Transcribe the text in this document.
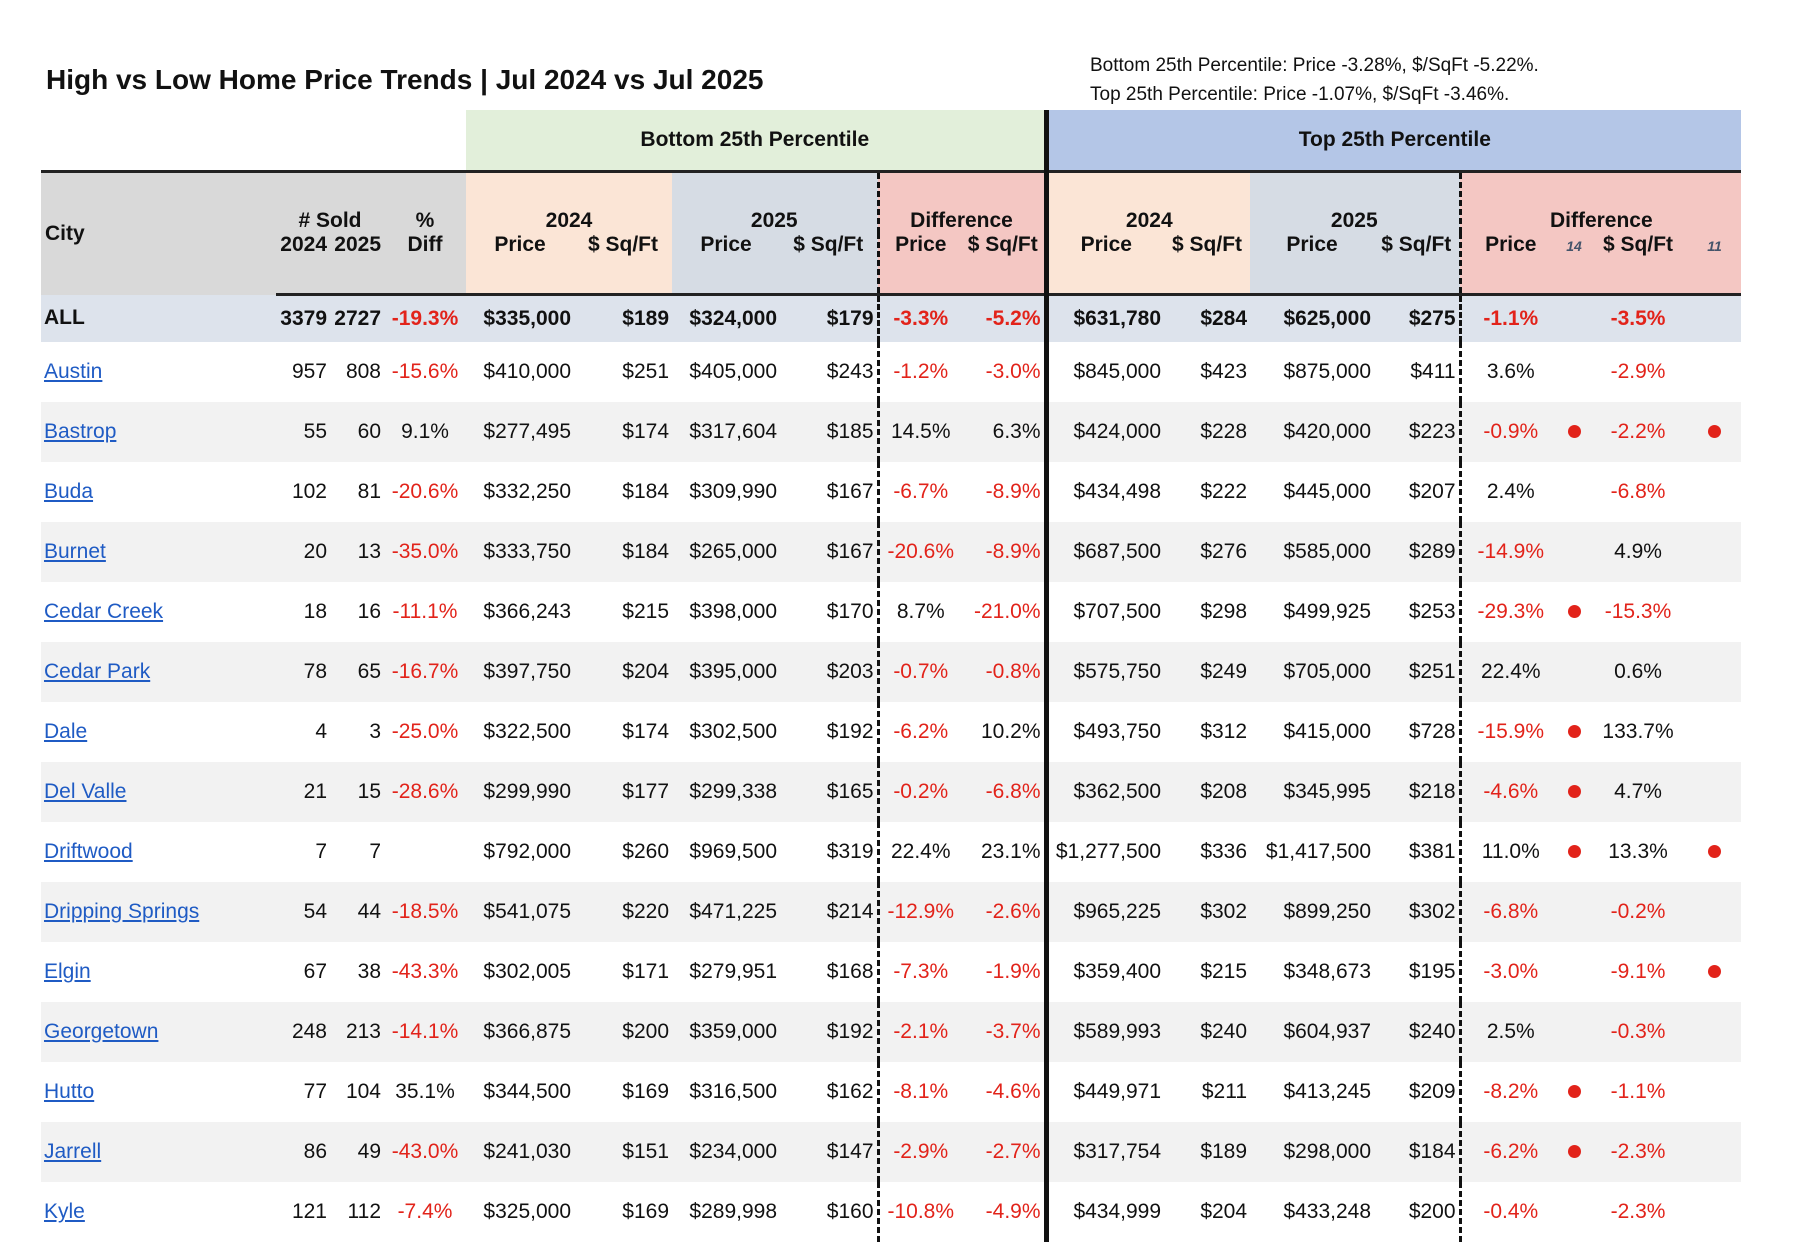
High vs Low Home Price Trends | Jul 2024 vs Jul 2025	Bottom 25th Percentile: Price -3.28%, $/SqFt -5.22%.
Top 25th Percentile: Price -1.07%, $/SqFt -3.46%.
				Bottom 25th Percentile						Top 25th Percentile							
City	# Sold		%	2024		2025		Difference		2024		2025		Difference			
	2024	2025	Diff	Price	$ Sq/Ft	Price	$ Sq/Ft	Price	$ Sq/Ft	Price	$ Sq/Ft	Price	$ Sq/Ft	Price	14	$ Sq/Ft	11
ALL	3379	2727	-19.3%	$335,000	$189	$324,000	$179	-3.3%	-5.2%	$631,780	$284	$625,000	$275	-1.1%		-3.5%	
Austin	957	808	-15.6%	$410,000	$251	$405,000	$243	-1.2%	-3.0%	$845,000	$423	$875,000	$411	3.6%		-2.9%	
Bastrop	55	60	9.1%	$277,495	$174	$317,604	$185	14.5%	6.3%	$424,000	$228	$420,000	$223	-0.9%		-2.2%	
Buda	102	81	-20.6%	$332,250	$184	$309,990	$167	-6.7%	-8.9%	$434,498	$222	$445,000	$207	2.4%		-6.8%	
Burnet	20	13	-35.0%	$333,750	$184	$265,000	$167	-20.6%	-8.9%	$687,500	$276	$585,000	$289	-14.9%		4.9%	
Cedar Creek	18	16	-11.1%	$366,243	$215	$398,000	$170	8.7%	-21.0%	$707,500	$298	$499,925	$253	-29.3%		-15.3%	
Cedar Park	78	65	-16.7%	$397,750	$204	$395,000	$203	-0.7%	-0.8%	$575,750	$249	$705,000	$251	22.4%		0.6%	
Dale	4	3	-25.0%	$322,500	$174	$302,500	$192	-6.2%	10.2%	$493,750	$312	$415,000	$728	-15.9%		133.7%	
Del Valle	21	15	-28.6%	$299,990	$177	$299,338	$165	-0.2%	-6.8%	$362,500	$208	$345,995	$218	-4.6%		4.7%	
Driftwood	7	7		$792,000	$260	$969,500	$319	22.4%	23.1%	$1,277,500	$336	$1,417,500	$381	11.0%		13.3%	
Dripping Springs	54	44	-18.5%	$541,075	$220	$471,225	$214	-12.9%	-2.6%	$965,225	$302	$899,250	$302	-6.8%		-0.2%	
Elgin	67	38	-43.3%	$302,005	$171	$279,951	$168	-7.3%	-1.9%	$359,400	$215	$348,673	$195	-3.0%		-9.1%	
Georgetown	248	213	-14.1%	$366,875	$200	$359,000	$192	-2.1%	-3.7%	$589,993	$240	$604,937	$240	2.5%		-0.3%	
Hutto	77	104	35.1%	$344,500	$169	$316,500	$162	-8.1%	-4.6%	$449,971	$211	$413,245	$209	-8.2%		-1.1%	
Jarrell	86	49	-43.0%	$241,030	$151	$234,000	$147	-2.9%	-2.7%	$317,754	$189	$298,000	$184	-6.2%		-2.3%	
Kyle	121	112	-7.4%	$325,000	$169	$289,998	$160	-10.8%	-4.9%	$434,999	$204	$433,248	$200	-0.4%		-2.3%	
